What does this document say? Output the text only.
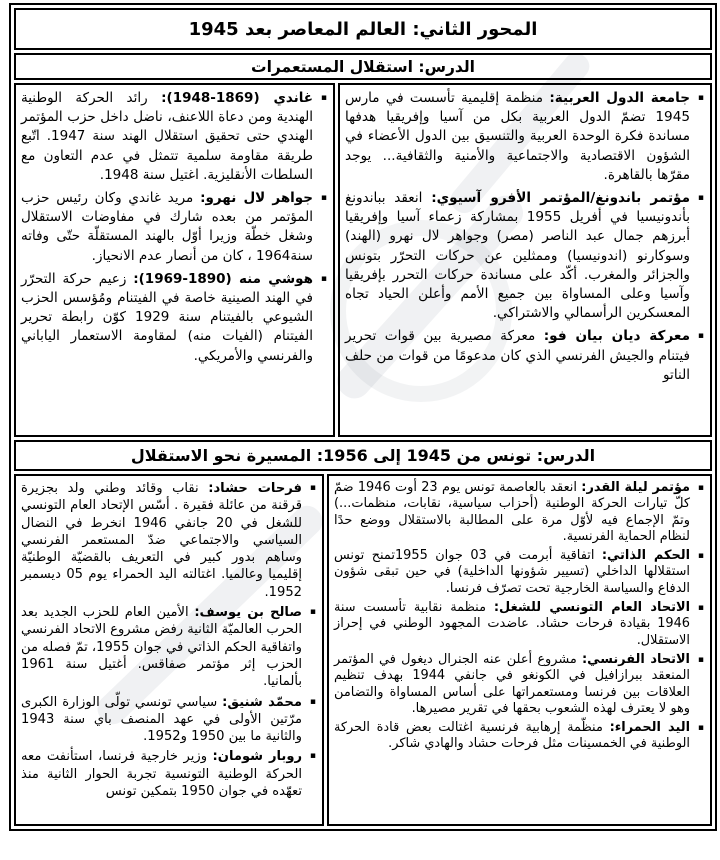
المحور الثاني: العالم المعاصر بعد 1945
الدرس: استقلال المستعمرات
▪
جامعة الدول العربية: منظمة إقليمية تأسست في مارس 1945 تضمّ الدول العربية بكل من آسيا وإفريقيا هدفها مساندة فكرة الوحدة العربية والتنسيق بين الدول الأعضاء في الشؤون الاقتصادية والاجتماعية والأمنية والثقافية... يوجد مقرّها بالقاهرة.
▪
مؤتمر باندونغ/المؤتمر الأفرو آسيوي: انعقد بباندونغ بأندونيسيا في أفريل 1955 بمشاركة زعماء آسيا وإفريقيا أبرزهم جمال عبد الناصر (مصر) وجواهر لال نهرو (الهند) وسوكارنو (اندونيسيا) وممثلين عن حركات التحرّر بتونس والجزائر والمغرب. أكّد على مساندة حركات التحرر بإفريقيا وآسيا وعلى المساواة بين جميع الأمم وأعلن الحياد تجاه المعسكرين الرأسمالي والاشتراكي.
▪
معركة ديان بيان فو: معركة مصيرية بين قوات تحرير فيتنام والجيش الفرنسي الذي كان مدعومًا من قوات من حلف الناتو
▪
غاندي (‭1948-1869‬): رائد الحركة الوطنية الهندية ومن دعاة اللاعنف، ناضل داخل حزب المؤتمر الهندي حتى تحقيق استقلال الهند سنة 1947. اتّبع طريقة مقاومة سلمية تتمثل في عدم التعاون مع السلطات الأنقليزية. اغتيل سنة 1948.
▪
جواهر لال نهرو: مريد غاندي وكان رئيس حزب المؤتمر من بعده شارك في مفاوضات الاستقلال وشغل خطّة وزيرا أوّل بالهند المستقلّة حتّى وفاته سنة1964 ، كان من أنصار عدم الانحياز.
▪
هوشي منه (‭1969-1890‬): زعيم حركة التحرّر في الهند الصينية خاصة في الفيتنام ومُؤسس الحزب الشيوعي بالفيتنام سنة 1929 كوّن رابطة تحرير الفيتنام (الفيات منه) لمقاومة الاستعمار الياباني والفرنسي والأمريكي.
الدرس: تونس من 1945 إلى 1956: المسيرة نحو الاستقلال
▪
مؤتمر ليلة القدر: انعقد بالعاصمة تونس يوم 23 أوت 1946 ضمّ كلّ تيارات الحركة الوطنية (أحزاب سياسية، نقابات، منظمات...) وتمّ الإجماع فيه لأوّل مرة على المطالبة بالاستقلال ووضع حدًا لنظام الحماية الفرنسية.
▪
الحكم الذاتي: اتفاقية أبرمت في 03 جوان 1955تمنح تونس استقلالها الداخلي (تسيير شؤونها الداخلية) في حين تبقى شؤون الدفاع والسياسة الخارجية تحت تصرّف فرنسا.
▪
الاتحاد العام التونسي للشغل: منظمة نقابية تأسست سنة 1946 بقيادة فرحات حشاد. عاضدت المجهود الوطني في إحراز الاستقلال.
▪
الاتحاد الفرنسي: مشروع أعلن عنه الجنرال ديغول في المؤتمر المنعقد ببرازافيل في الكونغو في جانفي 1944 بهدف تنظيم العلاقات بين فرنسا ومستعمراتها على أساس المساواة والتضامن وهو لا يعترف لهذه الشعوب بحقها في تقرير مصيرها.
▪
اليد الحمراء: منظّمة إرهابية فرنسية اغتالت بعض قادة الحركة الوطنية في الخمسينات مثل فرحات حشاد والهادي شاكر.
▪
فرحات حشاد: نقاب وقائد وطني ولد بجزيرة قرقنة من عائلة فقيرة . أسّس الإتحاد العام التونسي للشغل في 20 جانفي 1946 انخرط في النضال السياسي والاجتماعي ضدّ المستعمر الفرنسي وساهم بدور كبير في التعريف بالقضيّة الوطنيّة إقليميا وعالميا. اغتالته اليد الحمراء يوم 05 ديسمبر 1952.
▪
صالح بن يوسف: الأمين العام للحزب الجديد بعد الحرب العالميّة الثانية رفض مشروع الاتحاد الفرنسي واتفاقية الحكم الذاتي في جوان 1955، تمّ فصله من الحزب إثر مؤتمر صفاقس. أغتيل سنة 1961 بألمانيا.
▪
محمّد شنيق: سياسي تونسي تولّى الوزارة الكبرى مرّتين الأولى في عهد المنصف باي سنة 1943 والثانية ما بين 1950 و1952.
▪
روبار شومان: وزير خارجية فرنسا، استأنفت معه الحركة الوطنية التونسية تجربة الحوار الثانية منذ تعهّده في جوان 1950 بتمكين تونس
